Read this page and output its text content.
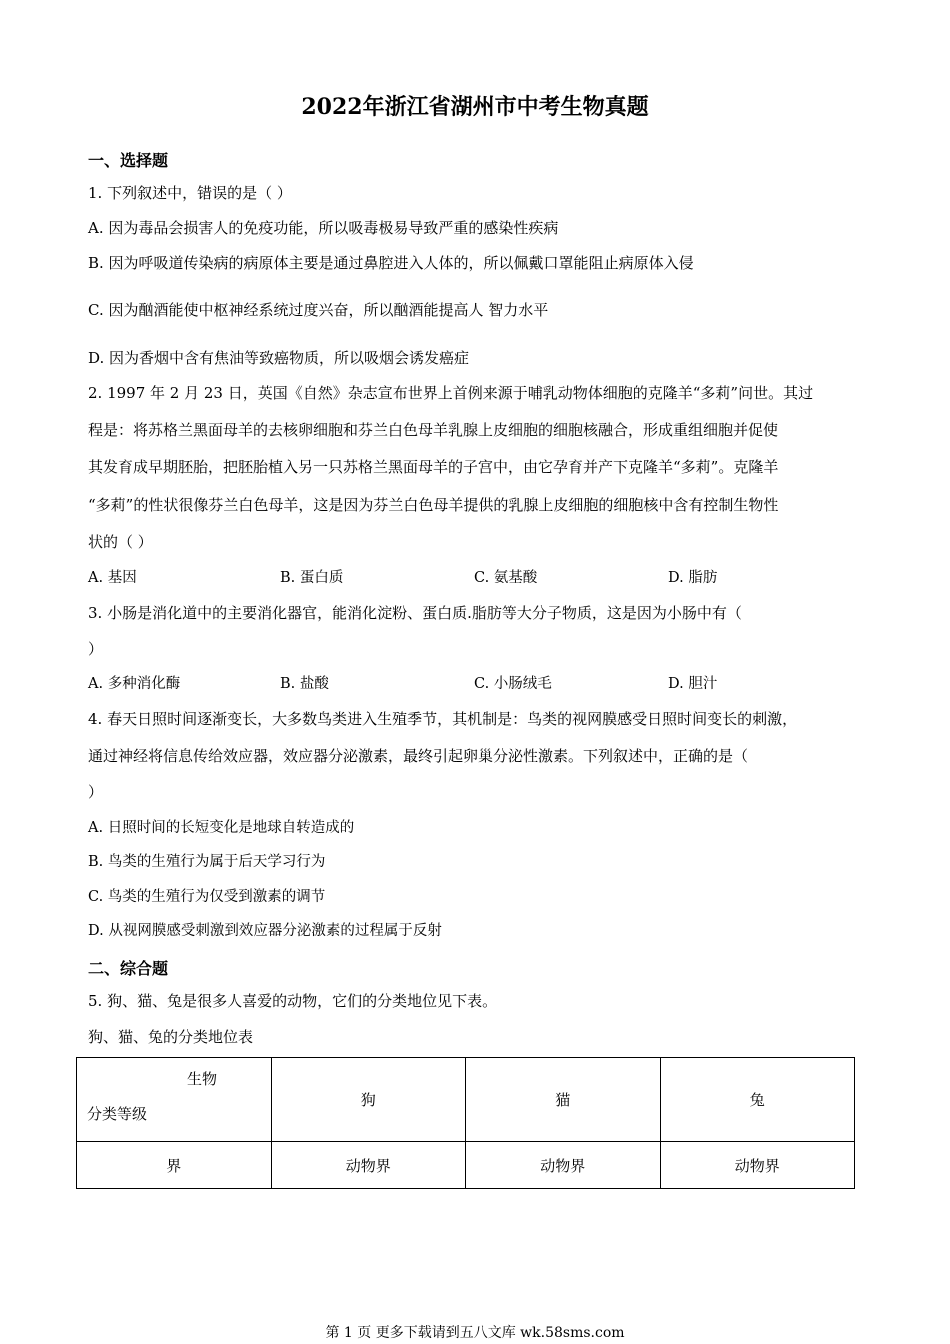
2022年浙江省湖州市中考生物真题
一、选择题
1. 下列叙述中，错误的是（ ）
A. 因为毒品会损害人的免疫功能，所以吸毒极易导致严重的感染性疾病
B. 因为呼吸道传染病的病原体主要是通过鼻腔进入人体的，所以佩戴口罩能阻止病原体入侵
C. 因为酗酒能使中枢神经系统过度兴奋，所以酗酒能提高人 智力水平
D. 因为香烟中含有焦油等致癌物质，所以吸烟会诱发癌症
2. 1997 年 2 月 23 日，英国《自然》杂志宣布世界上首例来源于哺乳动物体细胞的克隆羊“多莉”问世。其过
程是：将苏格兰黑面母羊的去核卵细胞和芬兰白色母羊乳腺上皮细胞的细胞核融合，形成重组细胞并促使
其发育成早期胚胎，把胚胎植入另一只苏格兰黑面母羊的子宫中，由它孕育并产下克隆羊“多莉”。克隆羊
“多莉”的性状很像芬兰白色母羊，这是因为芬兰白色母羊提供的乳腺上皮细胞的细胞核中含有控制生物性
状的（ ）
A. 基因	B. 蛋白质	C. 氨基酸	D. 脂肪
3. 小肠是消化道中的主要消化器官，能消化淀粉、蛋白质.脂肪等大分子物质，这是因为小肠中有（
）
A. 多种消化酶	B. 盐酸	C. 小肠绒毛	D. 胆汁
4. 春天日照时间逐渐变长，大多数鸟类进入生殖季节，其机制是：鸟类的视网膜感受日照时间变长的刺激，
通过神经将信息传给效应器，效应器分泌激素，最终引起卵巢分泌性激素。下列叙述中，正确的是（
）
A. 日照时间的长短变化是地球自转造成的
B. 鸟类的生殖行为属于后天学习行为
C. 鸟类的生殖行为仅受到激素的调节
D. 从视网膜感受刺激到效应器分泌激素的过程属于反射
二、综合题
5. 狗、猫、兔是很多人喜爱的动物，它们的分类地位见下表。
狗、猫、兔的分类地位表
生物
分类等级	狗	猫	兔
界	动物界	动物界	动物界
第 1 页 更多下载请到五八文库 wk.58sms.com
